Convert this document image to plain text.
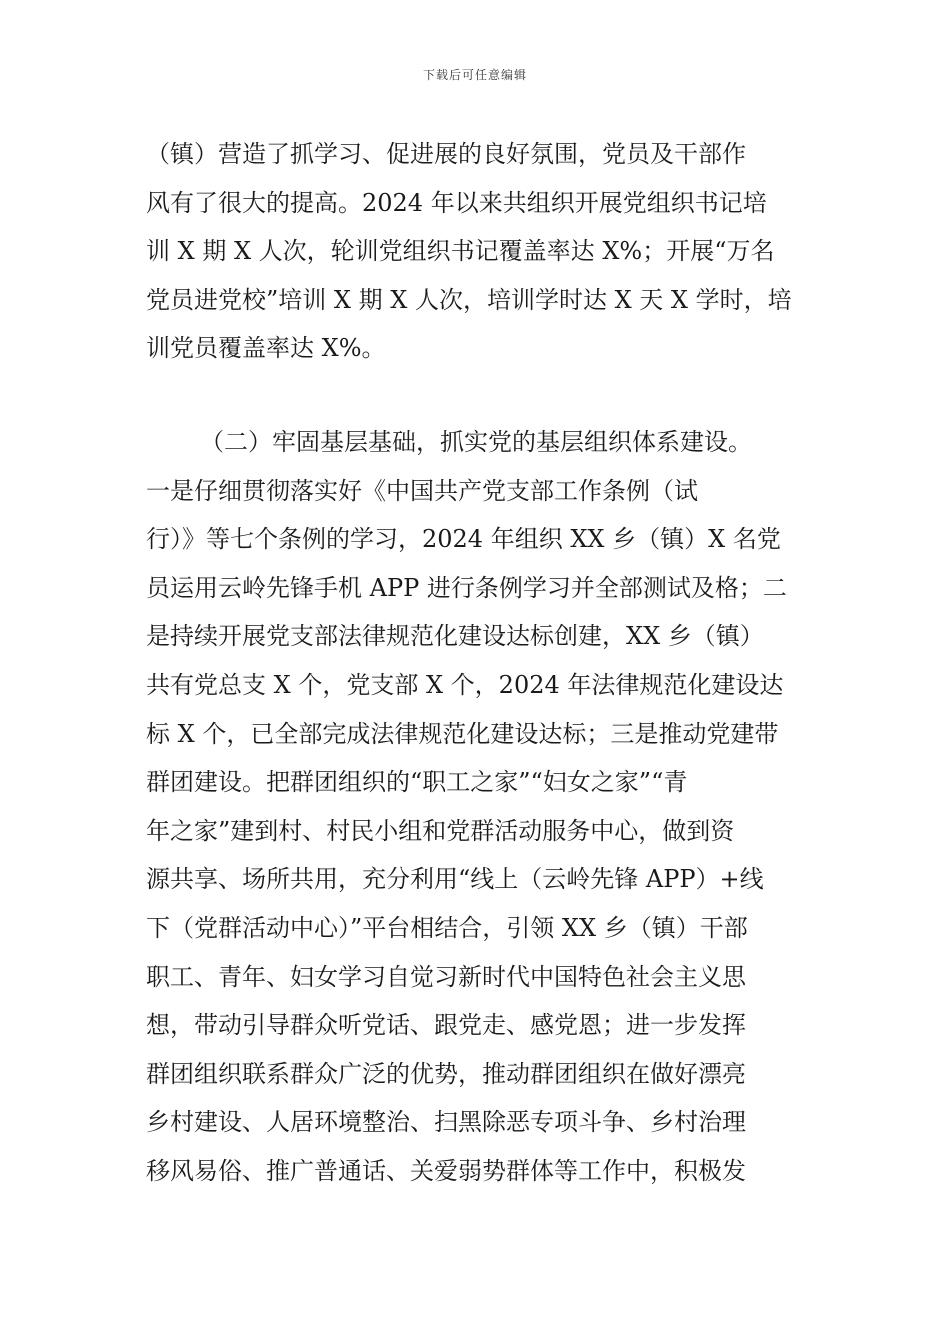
下载后可任意编辑
（镇）营造了抓学习、促进展的良好氛围，党员及干部作
风有了很大的提高。2024 年以来共组织开展党组织书记培
训 X 期 X 人次，轮训党组织书记覆盖率达 X%；开展“万名
党员进党校”培训 X 期 X 人次，培训学时达 X 天 X 学时，培
训党员覆盖率达 X%。
（二）牢固基层基础，抓实党的基层组织体系建设。
一是仔细贯彻落实好《中国共产党支部工作条例（试
行）》等七个条例的学习，2024 年组织 XX 乡（镇）X 名党
员运用云岭先锋手机 APP 进行条例学习并全部测试及格；二
是持续开展党支部法律规范化建设达标创建，XX 乡（镇）
共有党总支 X 个，党支部 X 个，2024 年法律规范化建设达
标 X 个，已全部完成法律规范化建设达标；三是推动党建带
群团建设。把群团组织的“职工之家”“妇女之家”“青
年之家”建到村、村民小组和党群活动服务中心，做到资
源共享、场所共用，充分利用“线上（云岭先锋 APP）+线
下（党群活动中心）”平台相结合，引领 XX 乡（镇）干部
职工、青年、妇女学习自觉习新时代中国特色社会主义思
想，带动引导群众听党话、跟党走、感党恩；进一步发挥
群团组织联系群众广泛的优势，推动群团组织在做好漂亮
乡村建设、人居环境整治、扫黑除恶专项斗争、乡村治理
移风易俗、推广普通话、关爱弱势群体等工作中，积极发
